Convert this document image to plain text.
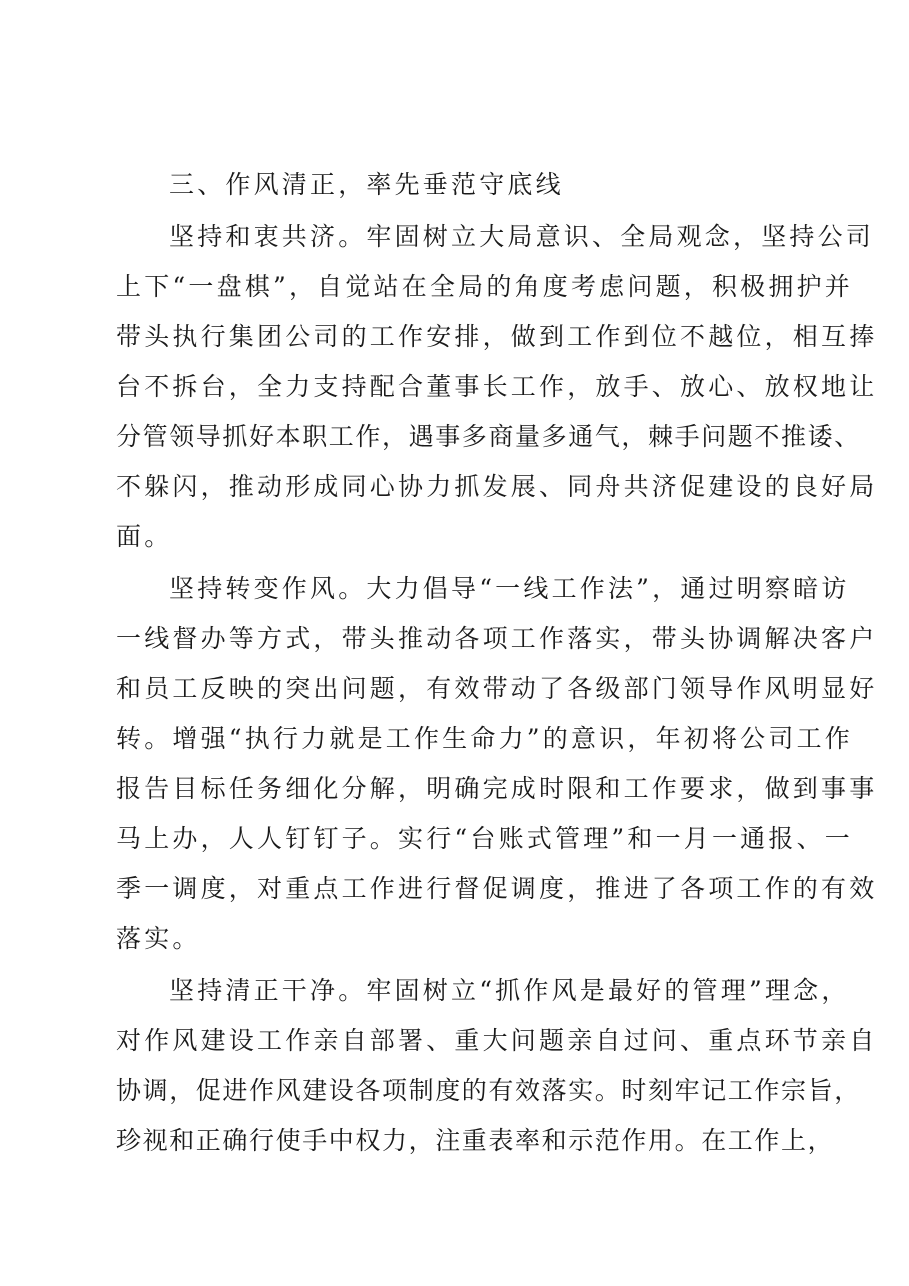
三、作风清正，率先垂范守底线
坚持和衷共济。牢固树立大局意识、全局观念，坚持公司
上下“一盘棋”，自觉站在全局的角度考虑问题，积极拥护并
带头执行集团公司的工作安排，做到工作到位不越位，相互捧
台不拆台，全力支持配合董事长工作，放手、放心、放权地让
分管领导抓好本职工作，遇事多商量多通气，棘手问题不推诿、
不躲闪，推动形成同心协力抓发展、同舟共济促建设的良好局
面。
坚持转变作风。大力倡导“一线工作法”，通过明察暗访
一线督办等方式，带头推动各项工作落实，带头协调解决客户
和员工反映的突出问题，有效带动了各级部门领导作风明显好
转。增强“执行力就是工作生命力”的意识，年初将公司工作
报告目标任务细化分解，明确完成时限和工作要求，做到事事
马上办，人人钉钉子。实行“台账式管理”和一月一通报、一
季一调度，对重点工作进行督促调度，推进了各项工作的有效
落实。
坚持清正干净。牢固树立“抓作风是最好的管理”理念，
对作风建设工作亲自部署、重大问题亲自过问、重点环节亲自
协调，促进作风建设各项制度的有效落实。时刻牢记工作宗旨，
珍视和正确行使手中权力，注重表率和示范作用。在工作上，
